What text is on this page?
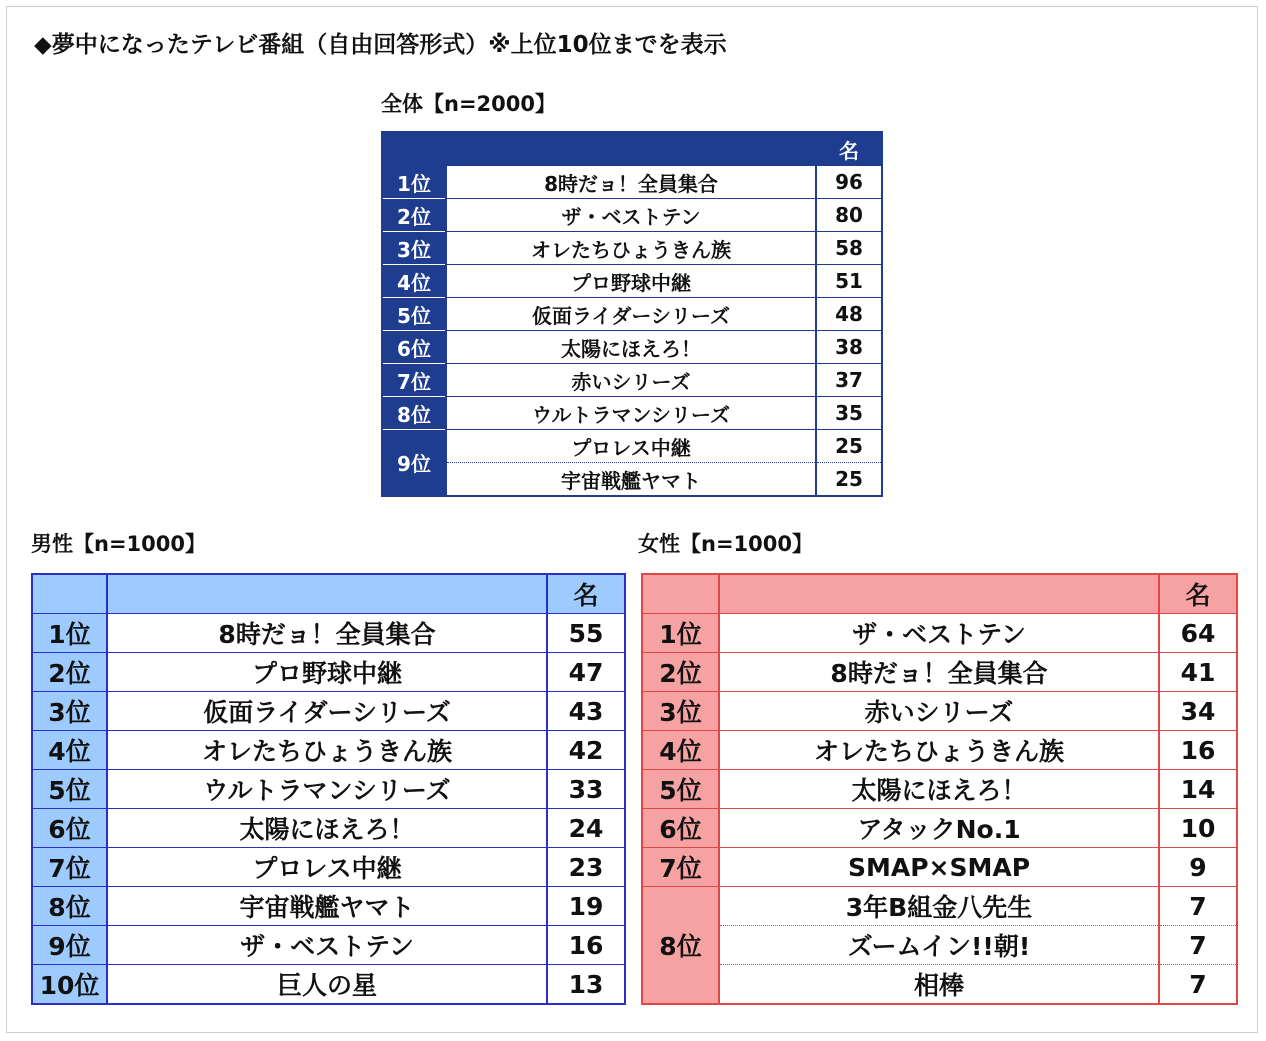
◆夢中になったテレビ番組（自由回答形式）※上位10位までを表示
全体【n=2000】
		名
1位	8時だョ！全員集合	96
2位	ザ・ベストテン	80
3位	オレたちひょうきん族	58
4位	プロ野球中継	51
5位	仮面ライダーシリーズ	48
6位	太陽にほえろ！	38
7位	赤いシリーズ	37
8位	ウルトラマンシリーズ	35
9位	プロレス中継	25
	宇宙戦艦ヤマト	25
男性【n=1000】
		名
1位	8時だョ！全員集合	55
2位	プロ野球中継	47
3位	仮面ライダーシリーズ	43
4位	オレたちひょうきん族	42
5位	ウルトラマンシリーズ	33
6位	太陽にほえろ！	24
7位	プロレス中継	23
8位	宇宙戦艦ヤマト	19
9位	ザ・ベストテン	16
10位	巨人の星	13
女性【n=1000】
		名
1位	ザ・ベストテン	64
2位	8時だョ！全員集合	41
3位	赤いシリーズ	34
4位	オレたちひょうきん族	16
5位	太陽にほえろ！	14
6位	アタックNo.1	10
7位	SMAP×SMAP	9
8位	3年B組金八先生	7
	ズームイン!!朝!	7
	相棒	7
